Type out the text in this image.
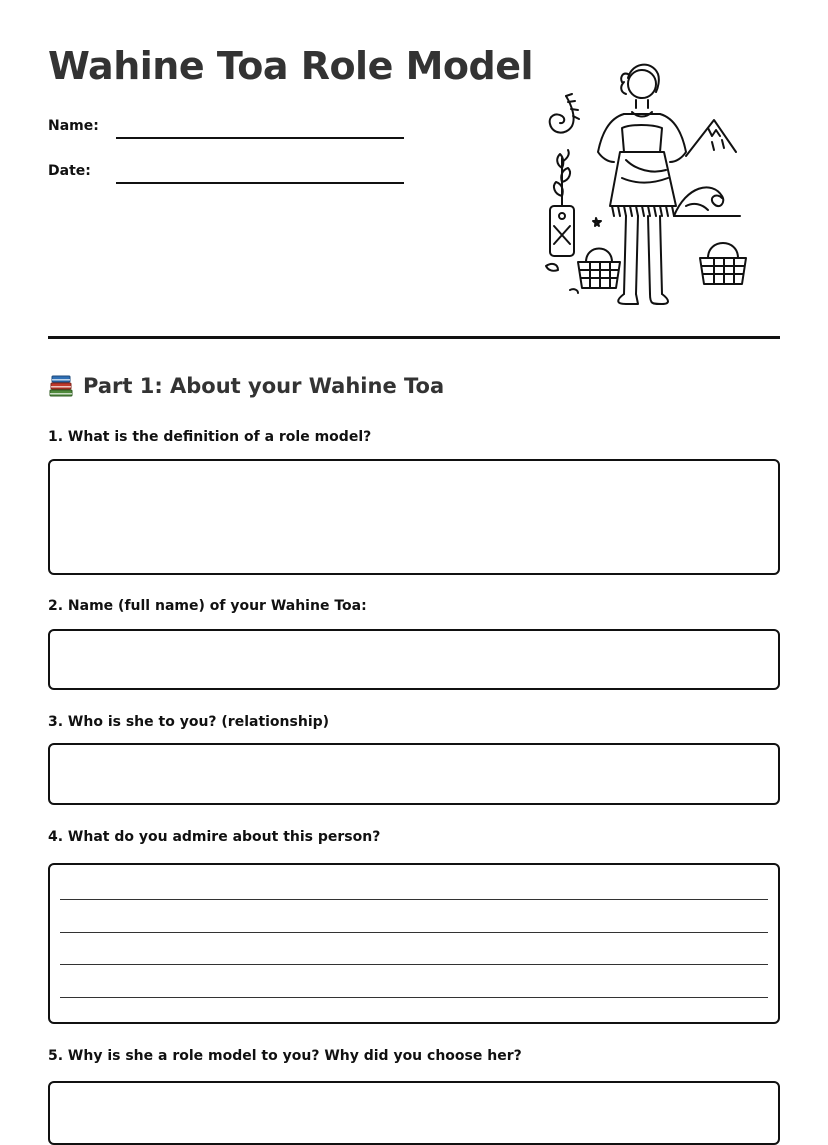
Wahine Toa Role Model
Name:
Date:
Part 1: About your Wahine Toa
1. What is the definition of a role model?
2. Name (full name) of your Wahine Toa:
3. Who is she to you? (relationship)
4. What do you admire about this person?
5. Why is she a role model to you? Why did you choose her?
